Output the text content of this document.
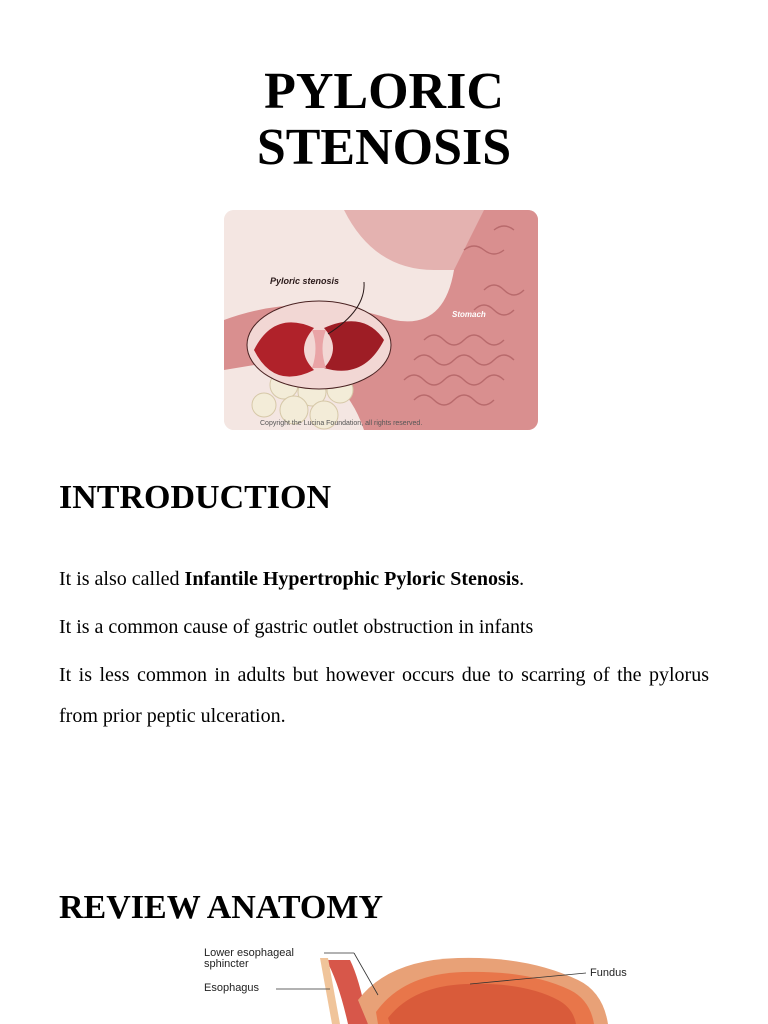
PYLORIC
STENOSIS
Pyloric stenosis
Stomach
Copyright the Lucina Foundation, all rights reserved.
INTRODUCTION
It is also called Infantile Hypertrophic Pyloric Stenosis.
It is a common cause of gastric outlet obstruction in infants
It is less common in adults but however occurs due to scarring of the pylorus from prior peptic ulceration.
REVIEW ANATOMY
Lower esophageal
sphincter
Esophagus
Fundus
